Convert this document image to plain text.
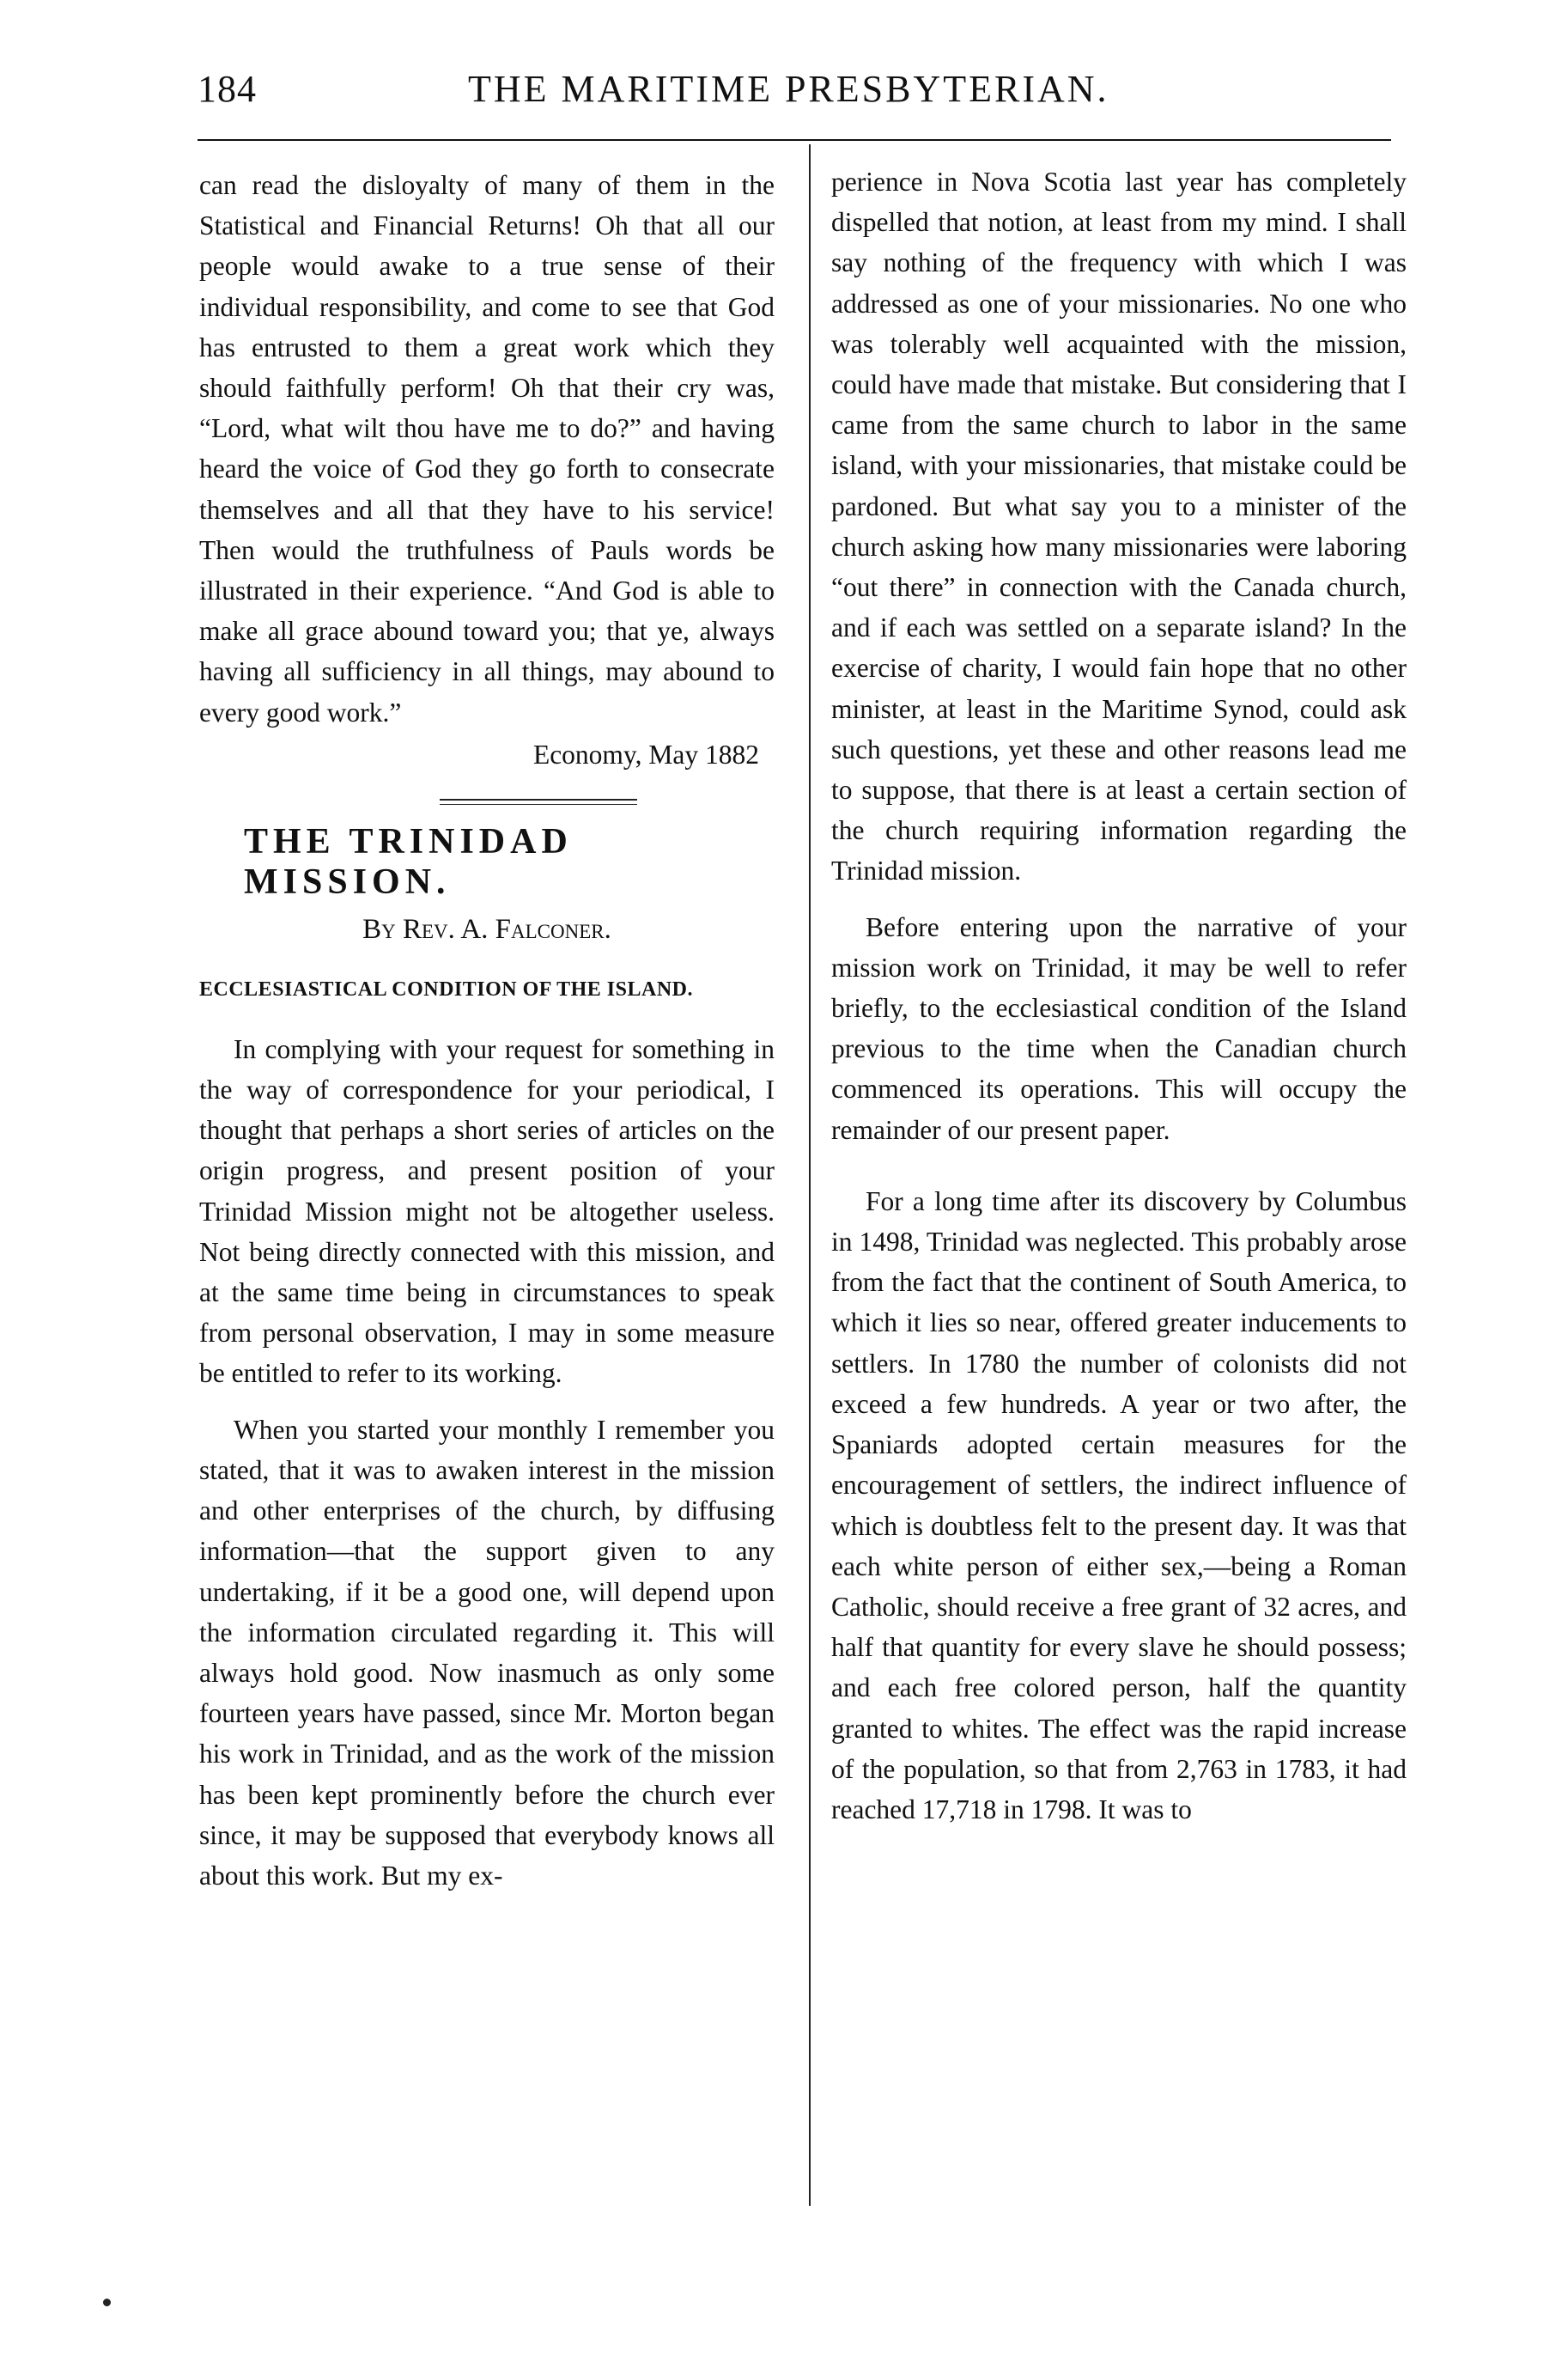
184	THE MARITIME PRESBYTERIAN.

can read the disloyalty of many of them in the Statistical and Financial Returns! Oh that all our people would awake to a true sense of their individual responsibility, and come to see that God has entrusted to them a great work which they should faithfully perform! Oh that their cry was, “Lord, what wilt thou have me to do?” and having heard the voice of God they go forth to consecrate themselves and all that they have to his service! Then would the truthfulness of Pauls words be illustrated in their experience. “And God is able to make all grace abound toward you; that ye, always having all sufficiency in all things, may abound to every good work.”

Economy, May 1882

THE TRINIDAD MISSION.

By Rev. A. Falconer.

ECCLESIASTICAL CONDITION OF THE ISLAND.

In complying with your request for something in the way of correspondence for your periodical, I thought that perhaps a short series of articles on the origin progress, and present position of your Trinidad Mission might not be altogether useless. Not being directly connected with this mission, and at the same time being in circumstances to speak from personal observation, I may in some measure be entitled to refer to its working.

When you started your monthly I remember you stated, that it was to awaken interest in the mission and other enterprises of the church, by diffusing information—that the support given to any undertaking, if it be a good one, will depend upon the information circulated regarding it. This will always hold good. Now inasmuch as only some fourteen years have passed, since Mr. Morton began his work in Trinidad, and as the work of the mission has been kept prominently before the church ever since, it may be supposed that everybody knows all about this work. But my ex-

perience in Nova Scotia last year has completely dispelled that notion, at least from my mind. I shall say nothing of the frequency with which I was addressed as one of your missionaries. No one who was tolerably well acquainted with the mission, could have made that mistake. But considering that I came from the same church to labor in the same island, with your missionaries, that mistake could be pardoned. But what say you to a minister of the church asking how many missionaries were laboring “out there” in connection with the Canada church, and if each was settled on a separate island? In the exercise of charity, I would fain hope that no other minister, at least in the Maritime Synod, could ask such questions, yet these and other reasons lead me to suppose, that there is at least a certain section of the church requiring information regarding the Trinidad mission.

Before entering upon the narrative of your mission work on Trinidad, it may be well to refer briefly, to the ecclesiastical condition of the Island previous to the time when the Canadian church commenced its operations. This will occupy the remainder of our present paper.

For a long time after its discovery by Columbus in 1498, Trinidad was neglected. This probably arose from the fact that the continent of South America, to which it lies so near, offered greater inducements to settlers. In 1780 the number of colonists did not exceed a few hundreds. A year or two after, the Spaniards adopted certain measures for the encouragement of settlers, the indirect influence of which is doubtless felt to the present day. It was that each white person of either sex,—being a Roman Catholic, should receive a free grant of 32 acres, and half that quantity for every slave he should possess; and each free colored person, half the quantity granted to whites. The effect was the rapid increase of the population, so that from 2,763 in 1783, it had reached 17,718 in 1798. It was to
